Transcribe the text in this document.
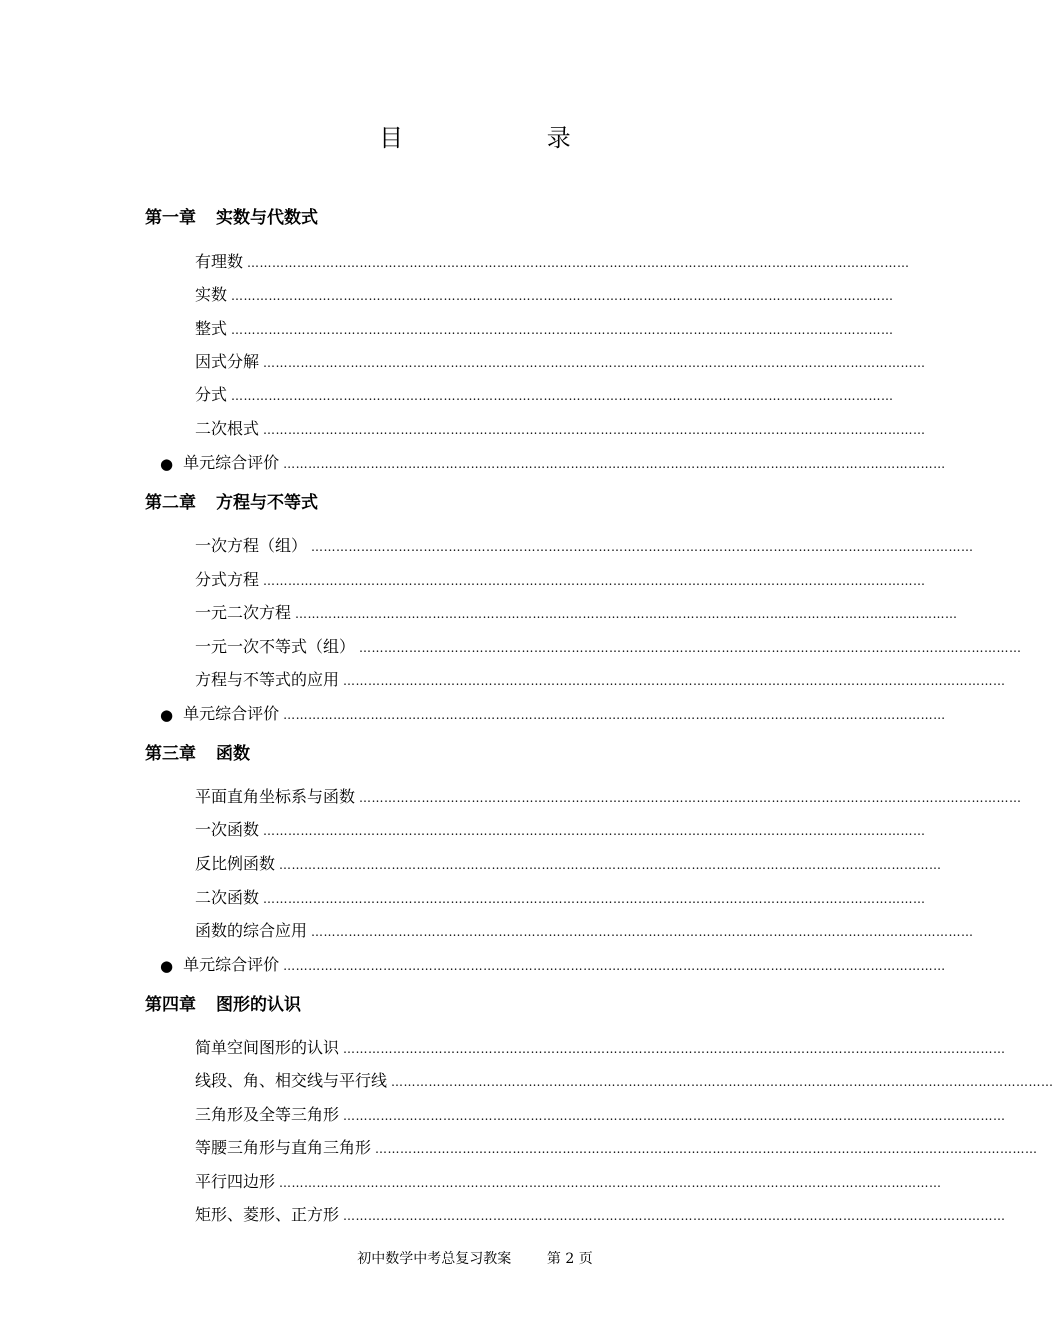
目 录
第一章 实数与代数式
有理数 ……………………………………………………………………………………………………………………………………………
实数 ……………………………………………………………………………………………………………………………………………
整式 ……………………………………………………………………………………………………………………………………………
因式分解 ……………………………………………………………………………………………………………………………………………
分式 ……………………………………………………………………………………………………………………………………………
二次根式 ……………………………………………………………………………………………………………………………………………
● 单元综合评价 ……………………………………………………………………………………………………………………………………………
第二章 方程与不等式
一次方程（组） ……………………………………………………………………………………………………………………………………………
分式方程 ……………………………………………………………………………………………………………………………………………
一元二次方程 ……………………………………………………………………………………………………………………………………………
一元一次不等式（组） ……………………………………………………………………………………………………………………………………………
方程与不等式的应用 ……………………………………………………………………………………………………………………………………………
● 单元综合评价 ……………………………………………………………………………………………………………………………………………
第三章 函数
平面直角坐标系与函数 ……………………………………………………………………………………………………………………………………………
一次函数 ……………………………………………………………………………………………………………………………………………
反比例函数 ……………………………………………………………………………………………………………………………………………
二次函数 ……………………………………………………………………………………………………………………………………………
函数的综合应用 ……………………………………………………………………………………………………………………………………………
● 单元综合评价 ……………………………………………………………………………………………………………………………………………
第四章 图形的认识
简单空间图形的认识 ……………………………………………………………………………………………………………………………………………
线段、角、相交线与平行线 ……………………………………………………………………………………………………………………………………………
三角形及全等三角形 ……………………………………………………………………………………………………………………………………………
等腰三角形与直角三角形 ……………………………………………………………………………………………………………………………………………
平行四边形 ……………………………………………………………………………………………………………………………………………
矩形、菱形、正方形 ……………………………………………………………………………………………………………………………………………
初中数学中考总复习教案	第 2 页
